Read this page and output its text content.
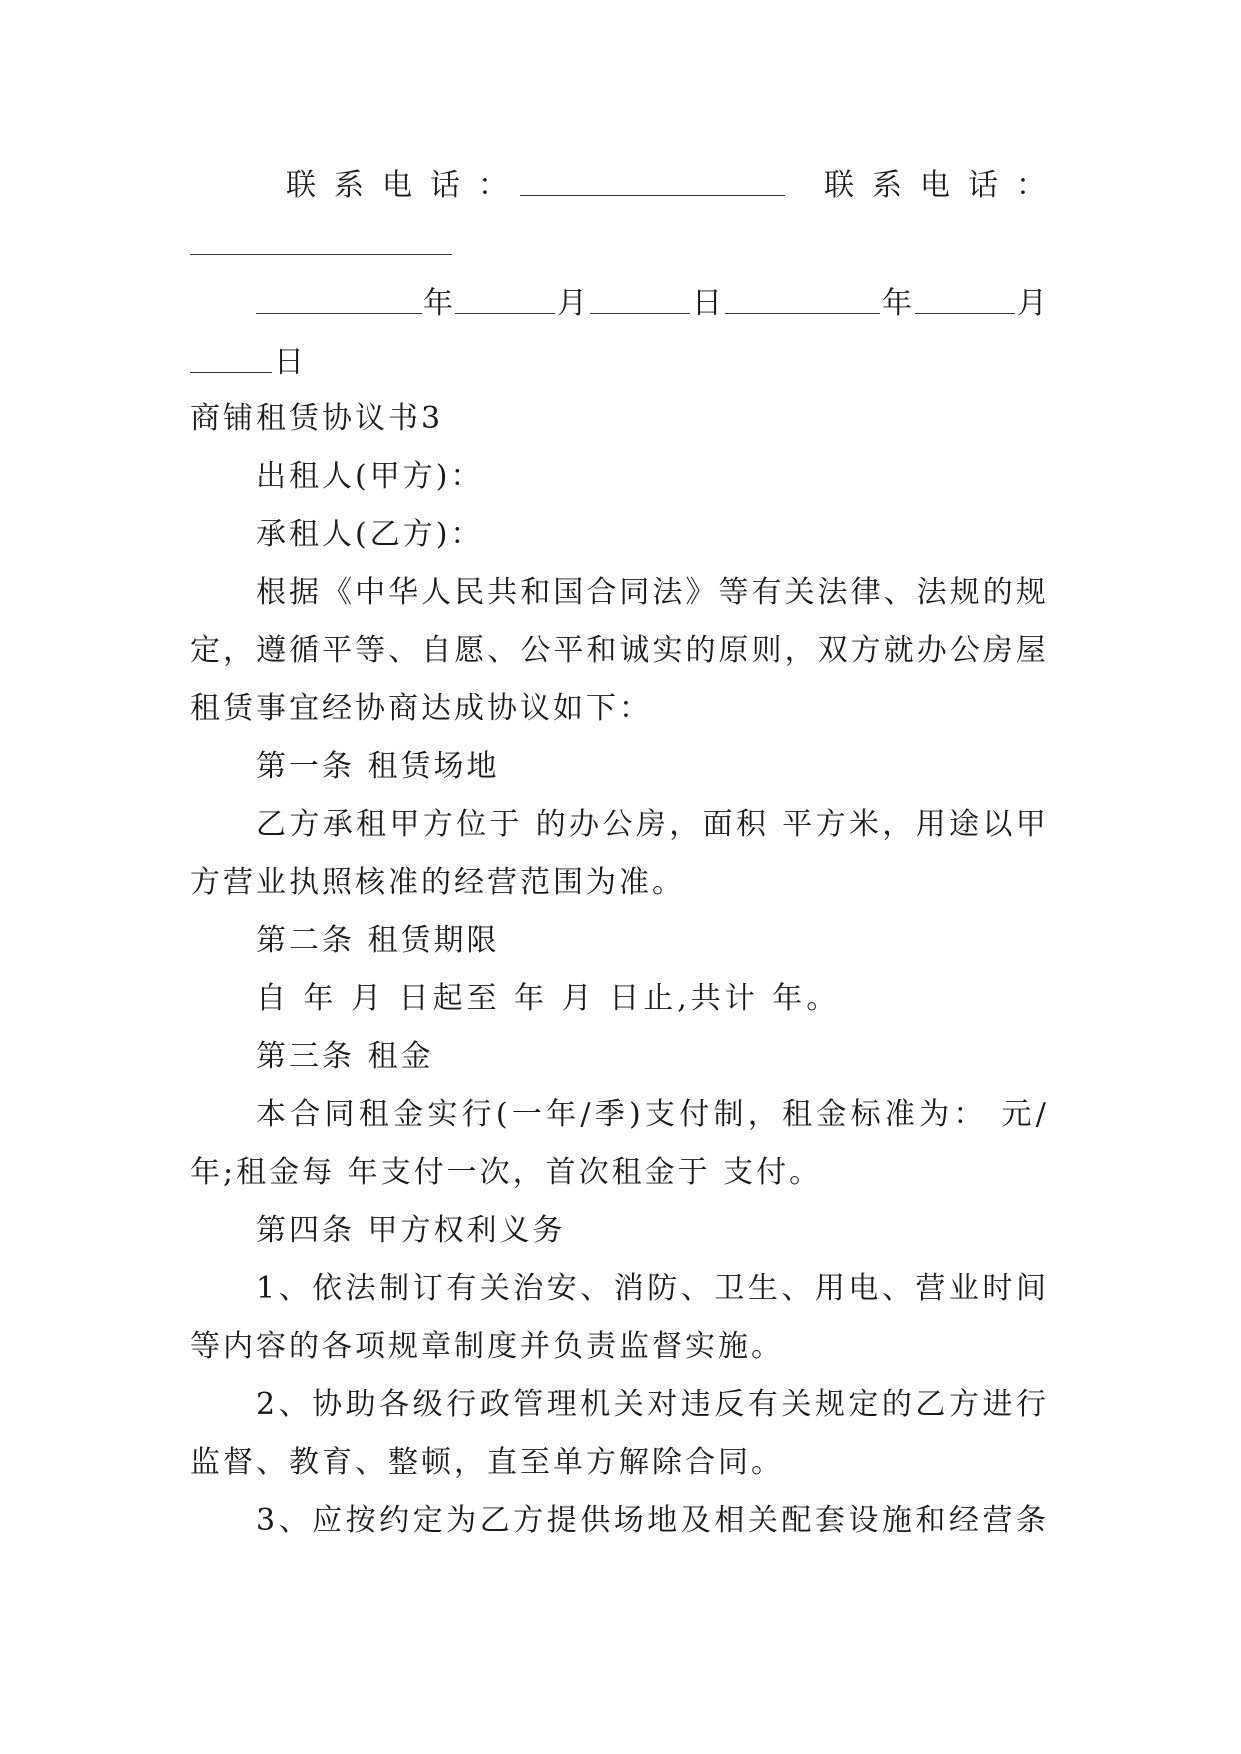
联系电话：	联系电话：
年	月	日	年	月
日
商铺租赁协议书3
出租人(甲方)：
承租人(乙方)：
根 据 《 中 华 人 民 共 和 国 合 同 法 》 等 有 关 法 律 、 法 规 的 规
定 ， 遵 循 平 等 、 自 愿 、 公 平 和 诚 实 的 原 则 ， 双 方 就 办 公 房 屋
租赁事宜经协商达成协议如下：
第一条 租赁场地
乙 方 承 租 甲 方 位 于
的 办 公 房 ， 面 积
平 方 米 ， 用 途 以 甲
方营业执照核准的经营范围为准。
第二条 租赁期限
自 年 月 日起至 年 月 日止,共计 年。
第三条 租金
本 合 同 租 金 实 行 ( 一 年 / 季 ) 支 付 制 ， 租 金 标 准 为 ：
元 /
年;租金每 年支付一次，首次租金于 支付。
第四条 甲方权利义务
1 、 依 法 制 订 有 关 治 安 、 消 防 、 卫 生 、 用 电 、 营 业 时 间
等内容的各项规章制度并负责监督实施。
2 、 协 助 各 级 行 政 管 理 机 关 对 违 反 有 关 规 定 的 乙 方 进 行
监督、教育、整顿，直至单方解除合同。
3 、 应 按 约 定 为 乙 方 提 供 场 地 及 相 关 配 套 设 施 和 经 营 条
